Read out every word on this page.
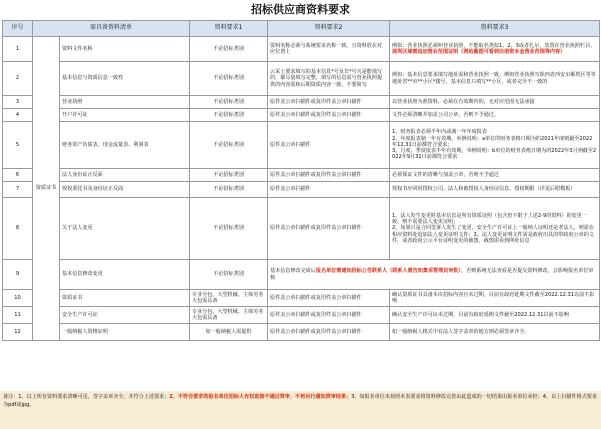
招标供应商资料要求
序号	需具备资料清单		资料要求1	资料要求2	资料要求3
1	资质证书	资料文件名称	不论招标类别	资料名称必须与系统要求名称一致，且资料放在对应位置上	例如：营业执照必须叫营业执照，不能取名类似1、2、3或者扎尔，放置在营业执照栏目，深圳区域需追加营业范围证明（网站截图可看到注册资本金营业范围等内容）
2		基本信息与资质信息一致性	不论招标类别	云采上要求填写的基本信息*号及非*号凡是能填写的，都尽量填写完整，填写的信息需与营业执照提供的内容需和后期资质内容一致，不要简写	例如：基本信息要求填写地址需和营业执照一致，例如营业执照写陕西省西安市雁塔区等等地址省**市**小区*楼号，基本信息只填写**小区，或者完全不一致的
3		营业执照	不论招标类别	原件盖公章扫描件或复印件盖公章扫描件	以营业执照为准资料，必须在有效期内的，无对应范围无法承接
4		开户许可证	不论招标类别	原件盖公章扫描件或复印件盖公章扫描件	文件必须清晰并加盖公司公章，否则不予通过。
5		财务资产负债表、现金流量表、利润表	不论招标类别	原件盖公章扫描件	1、财务报表必须半年内或满一年年度报表
2、年度报表制一年有效期，举例说明：a单位的财务表格日期为的2021年度则截至2022年12.31日前都符合要求；
3、月度、季度报表半年有效期，举例说明：b单位的财务表格日期为的2022年3月则截至2022年9月31日前都符合要求
6		法人身份证正反面	不论招标类别	原件盖公章扫描件或复印件盖公章扫描件	必须保证文件的清晰与加盖公章，否则不予通过
7		授权委托书及身份证正反面	不论招标类别	原件盖公章扫描件	授权书应同时授权公司、法人和被授权人身份证信息，授权期限（详见后附模板）
8		关于法人变更	不论招标类别	原件盖公章扫描件或复印件盖公章扫描件	1、法人发生变更时基本信息是所有资质证照（包含但不限于上述2-9的资料）的变更一致，则不需要法人变更证明；
2、如果只是合同签署人发生了变更，安全生产许可证上一般纳人证明还是老法人，则需在相应资料处追加法人变更证明文件；3、法人变更证明文件需是政府出具的带政府公章的文件，或者政府公示平台证明变更的截图，截图需看到网址信息
9		基本信息修改变更	不论招标类别	基本信息修改完成后报名单位需通知招标公告联系人（联系人需告知集采管理员审批），否则系统无法查看是否提交资料修改，会影响报名单位审核	
10		资质证书	专业分包、大型机械、主体劳务大包需具备	原件盖公章扫描件或复印件盖公章扫描件	确认资质证书具备本次招标内容且未过期，目前有政府延期文件截至2022.12.31以前不影响
11		安全生产许可证	专业分包、大型机械、主体劳务大包需具备	原件盖公章扫描件或复印件盖公章扫描件	确认安全生产许可证未过期，目前有政府延期文件截至2022.12.31以前不影响
12		一般纳税人资格证明	如一般纳税人需提供	原件盖公章扫描件或复印件盖公章扫描件	如一般纳税人格式中有法人签字盖章的地方则必须签章齐全。
备注：1、以上所有资料要求清晰可见，签字盖章齐全，并符合上述要求；2、不符合要求的报名单位招标人有权直接不通过资审，不再另行通知资审结果；3、如报名单位未按照本表要求将资料修改完善由此造成的一切结果由报名单位承担；4、以上扫描件格式要求为pdf或jpg。
